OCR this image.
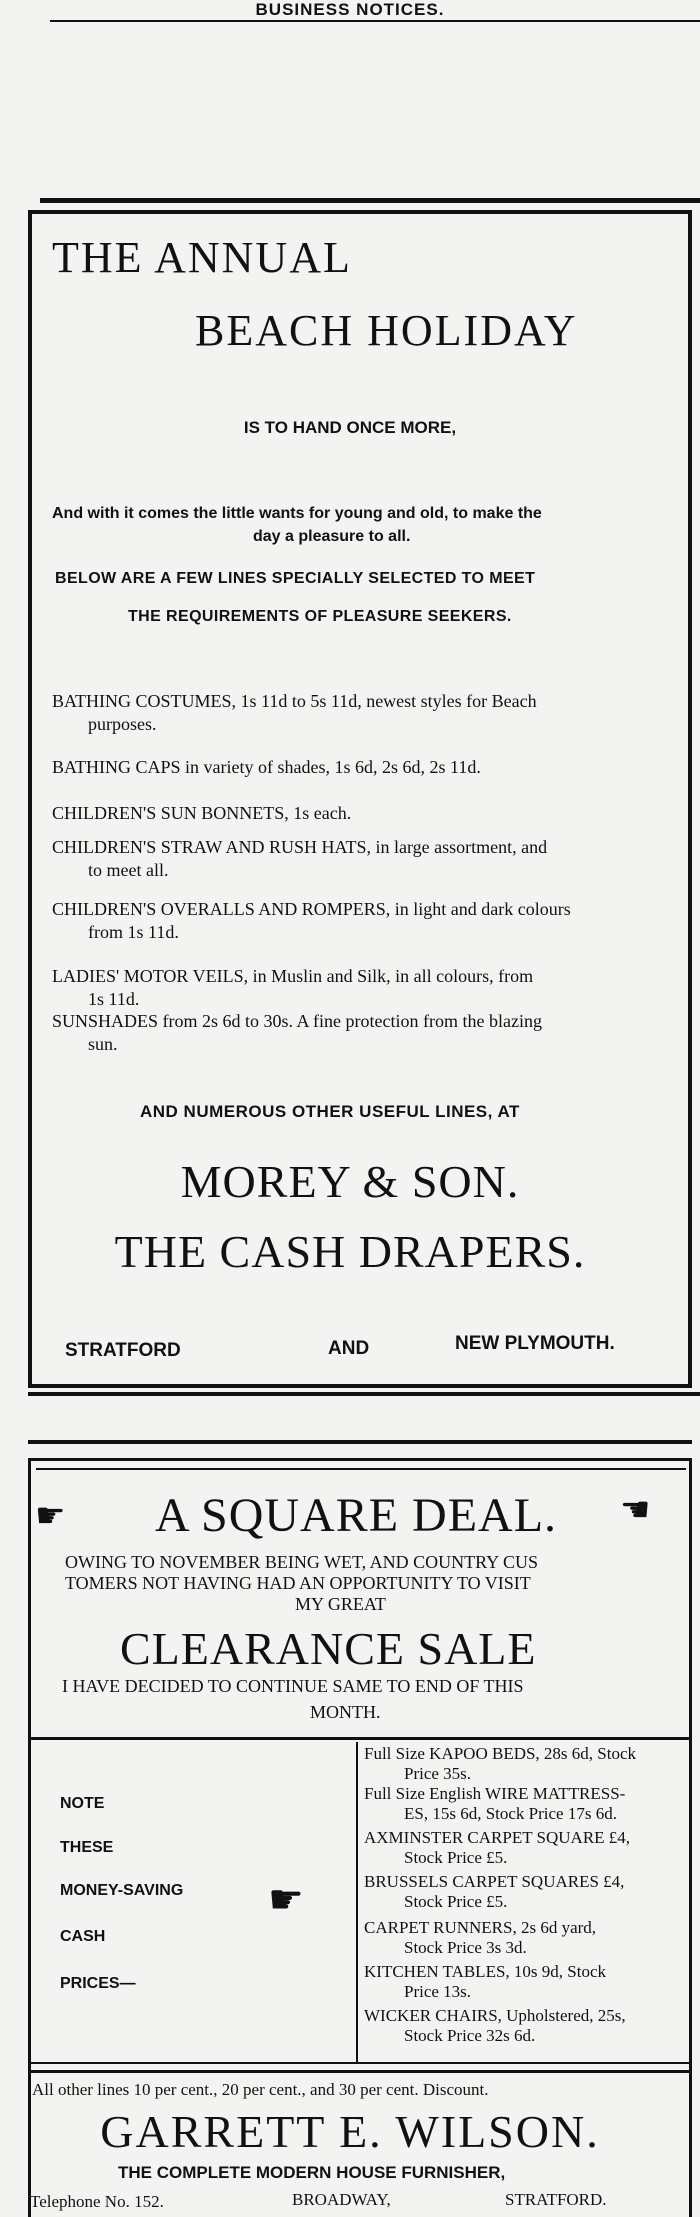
BUSINESS NOTICES.
THE ANNUAL
BEACH HOLIDAY
IS TO HAND ONCE MORE,
And with it comes the little wants for young and old, to make the
day a pleasure to all.
BELOW ARE A FEW LINES SPECIALLY SELECTED TO MEET
THE REQUIREMENTS OF PLEASURE SEEKERS.
BATHING COSTUMES, 1s 11d to 5s 11d, newest styles for Beach
purposes.
BATHING CAPS in variety of shades, 1s 6d, 2s 6d, 2s 11d.
CHILDREN'S SUN BONNETS, 1s each.
CHILDREN'S STRAW AND RUSH HATS, in large assortment, and
to meet all.
CHILDREN'S OVERALLS AND ROMPERS, in light and dark colours
from 1s 11d.
LADIES' MOTOR VEILS, in Muslin and Silk, in all colours, from
1s 11d.
SUNSHADES from 2s 6d to 30s. A fine protection from the blazing
sun.
AND NUMEROUS OTHER USEFUL LINES, AT
MOREY & SON.
THE CASH DRAPERS.
STRATFORD	AND	NEW PLYMOUTH.
☛	☛
A SQUARE DEAL.
OWING TO NOVEMBER BEING WET, AND COUNTRY CUS
TOMERS NOT HAVING HAD AN OPPORTUNITY TO VISIT
MY GREAT
CLEARANCE SALE
I HAVE DECIDED TO CONTINUE SAME TO END OF THIS
MONTH.
NOTE
THESE
MONEY-SAVING
CASH
PRICES—
☛
Full Size KAPOO BEDS, 28s 6d, Stock
Price 35s.
Full Size English WIRE MATTRESS-
ES, 15s 6d, Stock Price 17s 6d.
AXMINSTER CARPET SQUARE £4,
Stock Price £5.
BRUSSELS CARPET SQUARES £4,
Stock Price £5.
CARPET RUNNERS, 2s 6d yard,
Stock Price 3s 3d.
KITCHEN TABLES, 10s 9d, Stock
Price 13s.
WICKER CHAIRS, Upholstered, 25s,
Stock Price 32s 6d.
All other lines 10 per cent., 20 per cent., and 30 per cent. Discount.
GARRETT E. WILSON.
THE COMPLETE MODERN HOUSE FURNISHER,
Telephone No. 152.	BROADWAY,	STRATFORD.
